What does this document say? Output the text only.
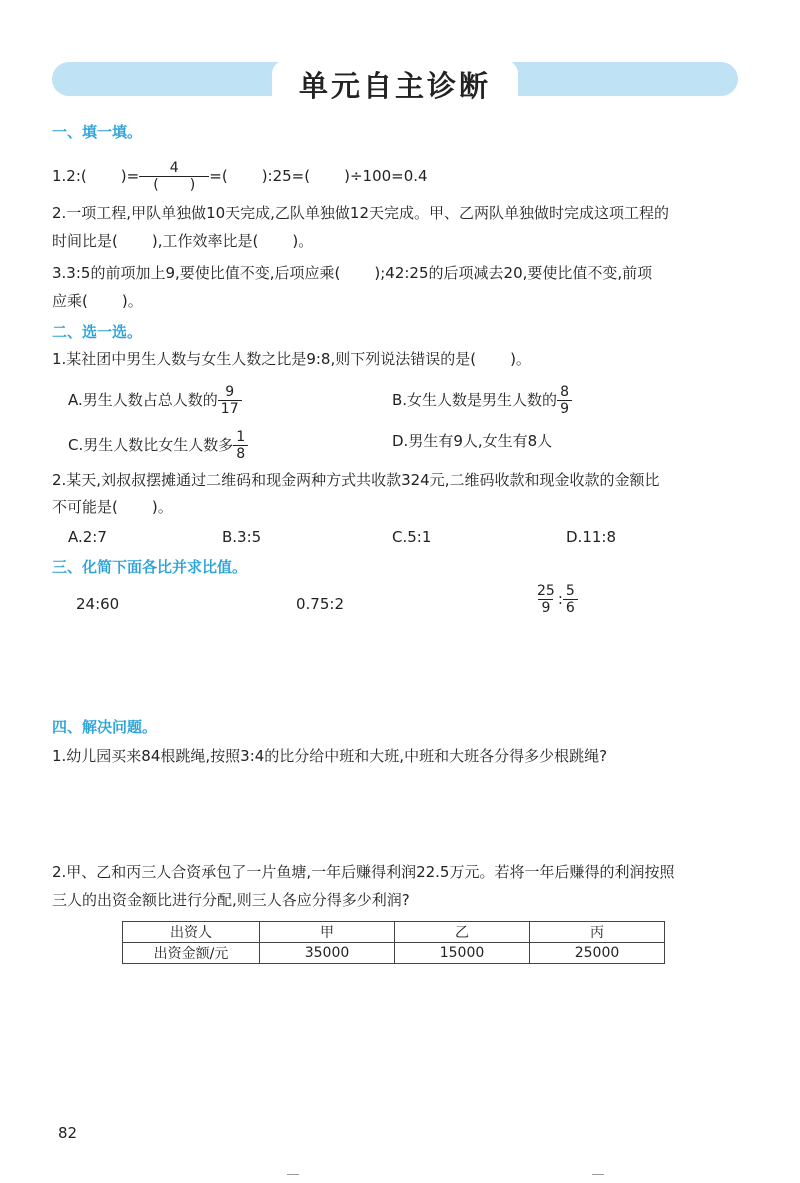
单元自主诊断
一、填一填。
1.2:( )= $\frac{4}{( )}$ =( ):25=( )÷100=0.4
2.一项工程,甲队单独做10天完成,乙队单独做12天完成。甲、乙两队单独做时完成这项工程的
时间比是( ),工作效率比是( )。
3.3:5的前项加上9,要使比值不变,后项应乘( );42:25的后项减去20,要使比值不变,前项
应乘( )。
二、选一选。
1.某社团中男生人数与女生人数之比是9:8,则下列说法错误的是( )。
A.男生人数占总人数的 $\frac{9}{17}$	B.女生人数是男生人数的 $\frac{8}{9}$
C.男生人数比女生人数多 $\frac{1}{8}$	D.男生有9人,女生有8人
2.某天,刘叔叔摆摊通过二维码和现金两种方式共收款324元,二维码收款和现金收款的金额比
不可能是( )。
A.2:7	B.3:5	C.5:1	D.11:8
三、化简下面各比并求比值。
24:60	0.75:2	$\frac{25}{9}$ : $\frac{5}{6}$
四、解决问题。
1.幼儿园买来84根跳绳,按照3:4的比分给中班和大班,中班和大班各分得多少根跳绳?
2.甲、乙和丙三人合资承包了一片鱼塘,一年后赚得利润22.5万元。若将一年后赚得的利润按照
三人的出资金额比进行分配,则三人各应分得多少利润?
出资人	甲	乙	丙
出资金额/元	35000	15000	25000
82
